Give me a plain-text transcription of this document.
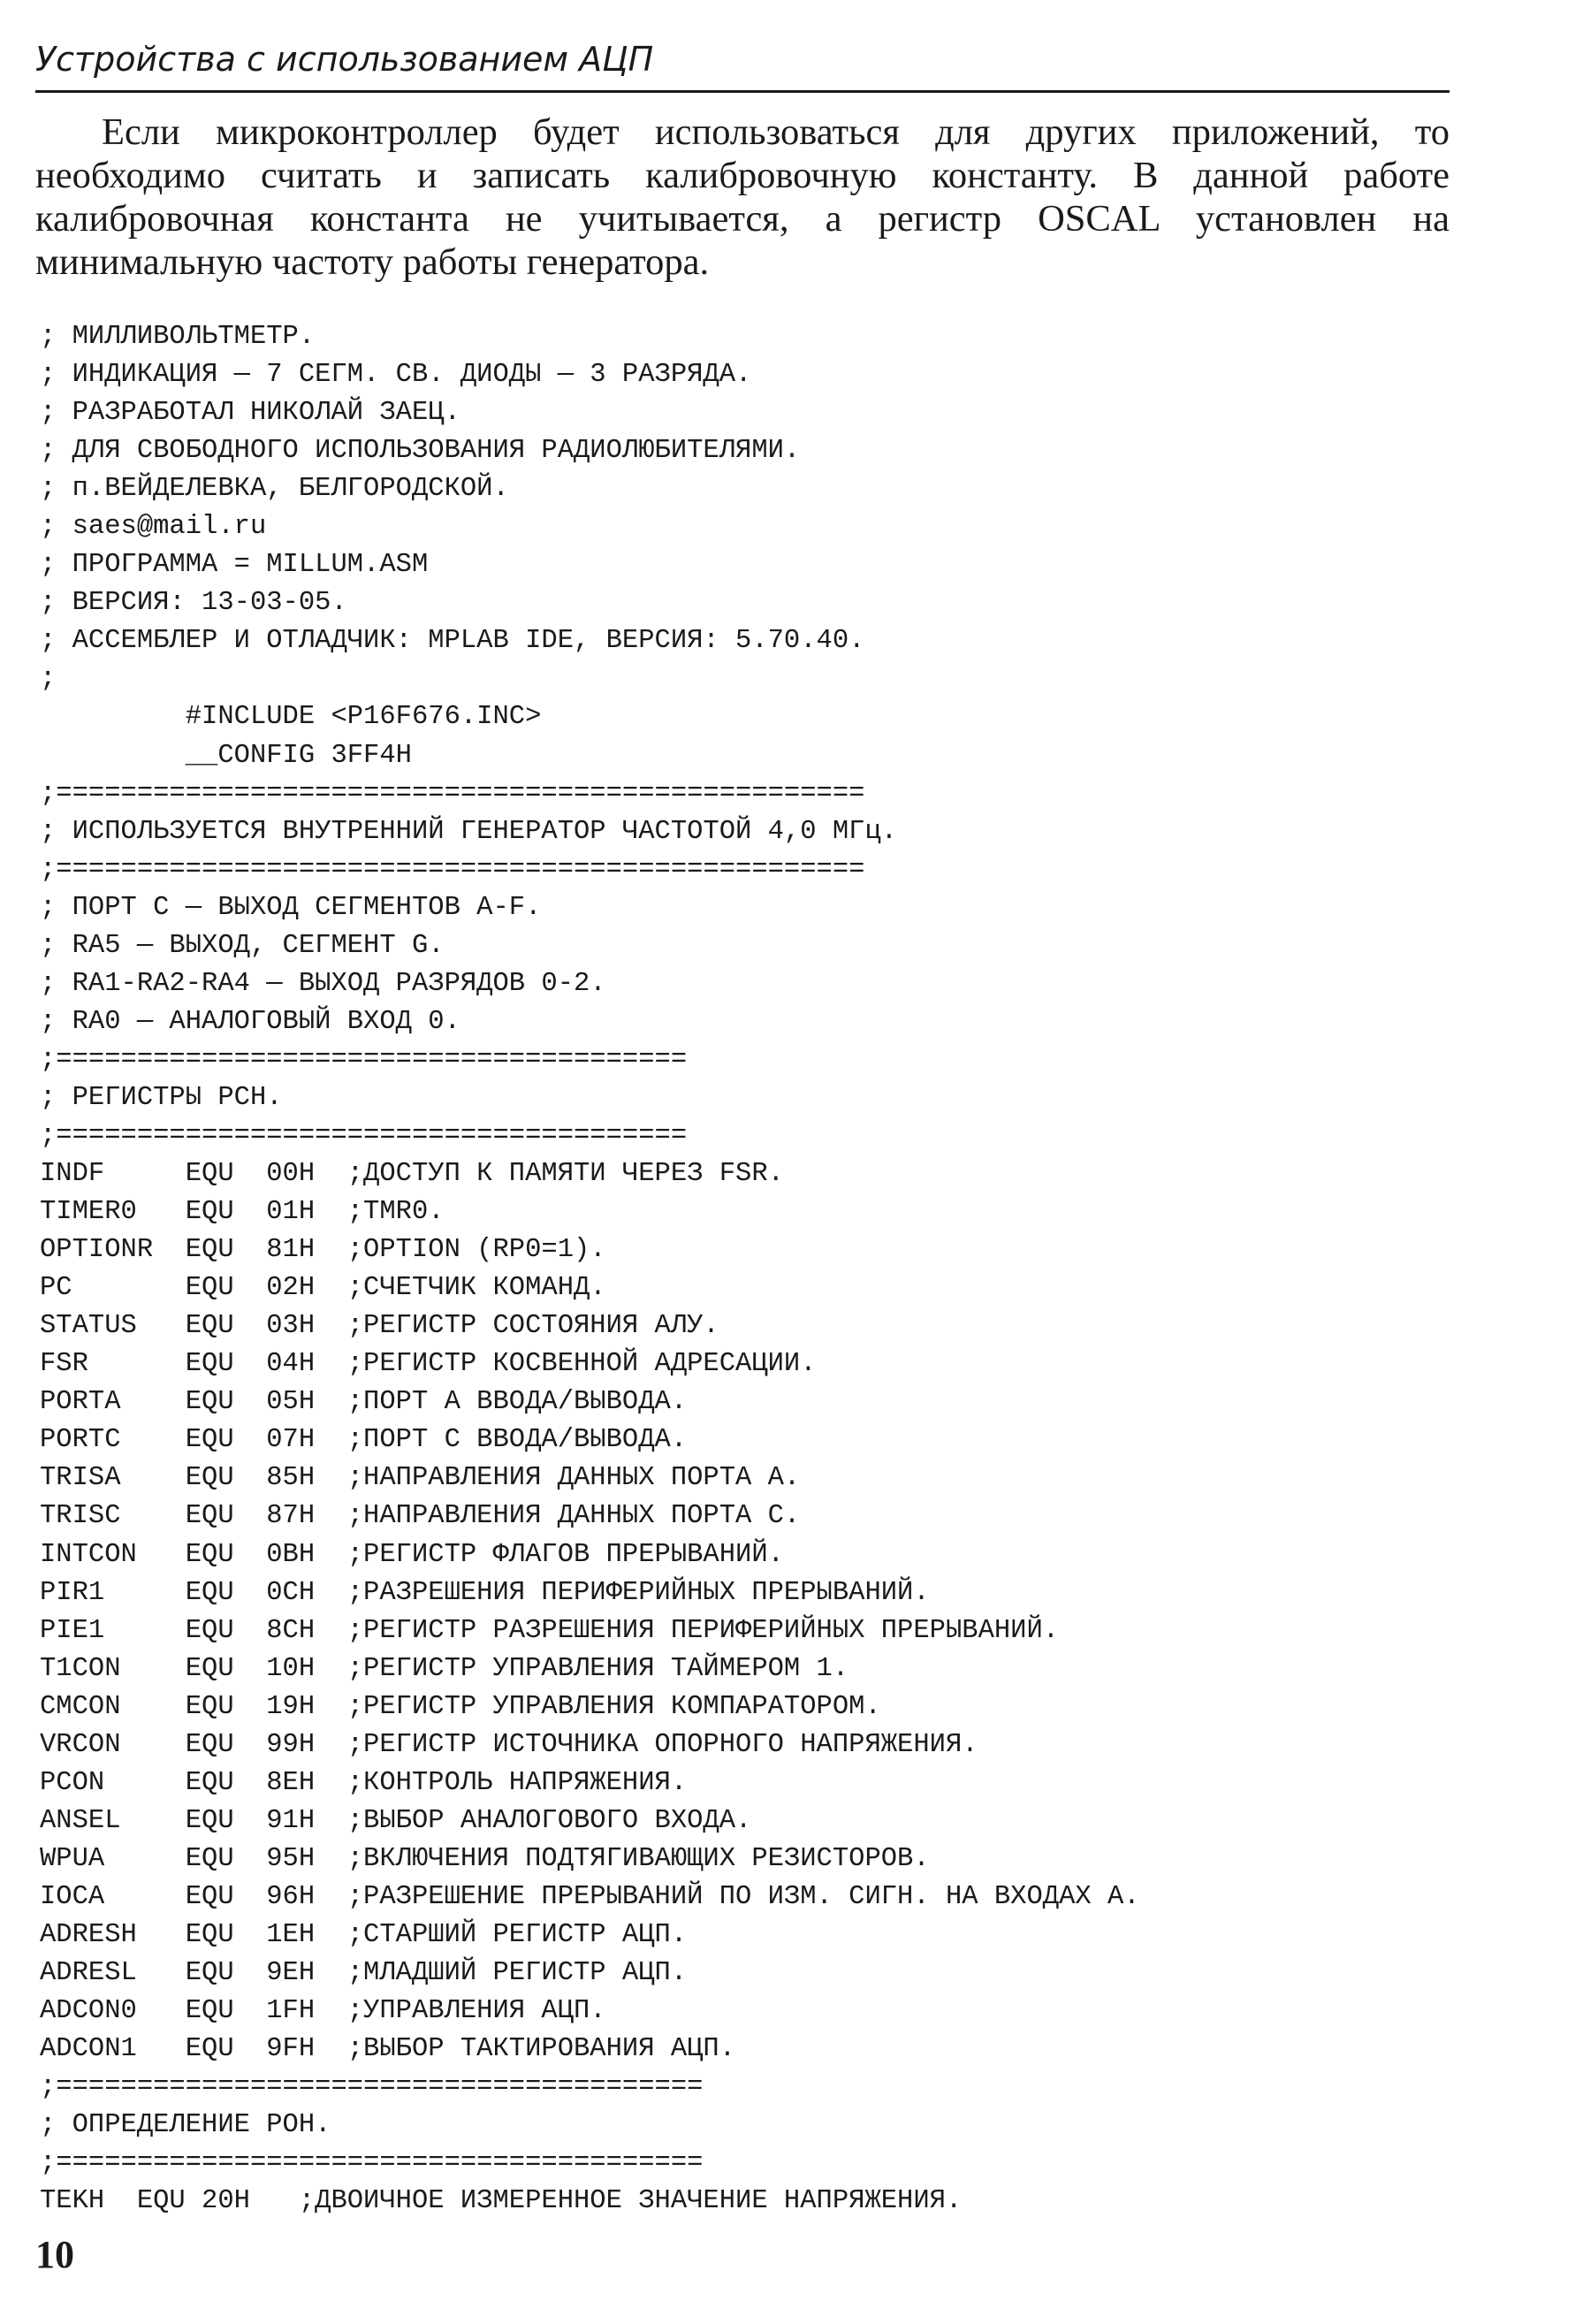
Устройства с использованием АЦП

Если микроконтроллер будет использоваться для других приложений, то необходимо считать и записать калибровочную константу. В данной работе калибровочная константа не учитывается, а регистр OSCAL установлен на минимальную частоту работы генератора.

; МИЛЛИВОЛЬТМЕТР.
; ИНДИКАЦИЯ — 7 СЕГМ. СВ. ДИОДЫ — 3 РАЗРЯДА.
; РАЗРАБОТАЛ НИКОЛАЙ ЗАЕЦ.
; ДЛЯ СВОБОДНОГО ИСПОЛЬЗОВАНИЯ РАДИОЛЮБИТЕЛЯМИ.
; п.ВЕЙДЕЛЕВКА, БЕЛГОРОДСКОЙ.
; saes@mail.ru
; ПРОГРАММА = MILLUM.ASM
; ВЕРСИЯ: 13-03-05.
; АССЕМБЛЕР И ОТЛАДЧИК: MPLAB IDE, ВЕРСИЯ: 5.70.40.
;
#INCLUDE <P16F676.INC>
__CONFIG 3FF4H
;==================================================
; ИСПОЛЬЗУЕТСЯ ВНУТРЕННИЙ ГЕНЕРАТОР ЧАСТОТОЙ 4,0 МГц.
;==================================================
; ПОРТ С — ВЫХОД СЕГМЕНТОВ A-F.
; RA5 — ВЫХОД, СЕГМЕНТ G.
; RA1-RA2-RA4 — ВЫХОД РАЗРЯДОВ 0-2.
; RA0 — АНАЛОГОВЫЙ ВХОД 0.
;=======================================
; РЕГИСТРЫ РСН.
;=======================================
INDF     EQU  00H  ;ДОСТУП К ПАМЯТИ ЧЕРЕЗ FSR.
TIMER0   EQU  01H  ;TMR0.
OPTIONR  EQU  81H  ;OPTION (RP0=1).
PC       EQU  02H  ;СЧЕТЧИК КОМАНД.
STATUS   EQU  03H  ;РЕГИСТР СОСТОЯНИЯ АЛУ.
FSR      EQU  04H  ;РЕГИСТР КОСВЕННОЙ АДРЕСАЦИИ.
PORTA    EQU  05H  ;ПОРТ А ВВОДА/ВЫВОДА.
PORTC    EQU  07H  ;ПОРТ С ВВОДА/ВЫВОДА.
TRISA    EQU  85H  ;НАПРАВЛЕНИЯ ДАННЫХ ПОРТА А.
TRISC    EQU  87H  ;НАПРАВЛЕНИЯ ДАННЫХ ПОРТА С.
INTCON   EQU  0BH  ;РЕГИСТР ФЛАГОВ ПРЕРЫВАНИЙ.
PIR1     EQU  0CH  ;РАЗРЕШЕНИЯ ПЕРИФЕРИЙНЫХ ПРЕРЫВАНИЙ.
PIE1     EQU  8CH  ;РЕГИСТР РАЗРЕШЕНИЯ ПЕРИФЕРИЙНЫХ ПРЕРЫВАНИЙ.
T1CON    EQU  10H  ;РЕГИСТР УПРАВЛЕНИЯ ТАЙМЕРОМ 1.
CMCON    EQU  19H  ;РЕГИСТР УПРАВЛЕНИЯ КОМПАРАТОРОМ.
VRCON    EQU  99H  ;РЕГИСТР ИСТОЧНИКА ОПОРНОГО НАПРЯЖЕНИЯ.
PCON     EQU  8EH  ;КОНТРОЛЬ НАПРЯЖЕНИЯ.
ANSEL    EQU  91H  ;ВЫБОР АНАЛОГОВОГО ВХОДА.
WPUA     EQU  95H  ;ВКЛЮЧЕНИЯ ПОДТЯГИВАЮЩИХ РЕЗИСТОРОВ.
IOCA     EQU  96H  ;РАЗРЕШЕНИЕ ПРЕРЫВАНИЙ ПО ИЗМ. СИГН. НА ВХОДАХ А.
ADRESH   EQU  1EH  ;СТАРШИЙ РЕГИСТР АЦП.
ADRESL   EQU  9EH  ;МЛАДШИЙ РЕГИСТР АЦП.
ADCON0   EQU  1FH  ;УПРАВЛЕНИЯ АЦП.
ADCON1   EQU  9FH  ;ВЫБОР ТАКТИРОВАНИЯ АЦП.
;========================================
; ОПРЕДЕЛЕНИЕ РОН.
;========================================
TEKH  EQU 20H   ;ДВОИЧНОЕ ИЗМЕРЕННОЕ ЗНАЧЕНИЕ НАПРЯЖЕНИЯ.
10
